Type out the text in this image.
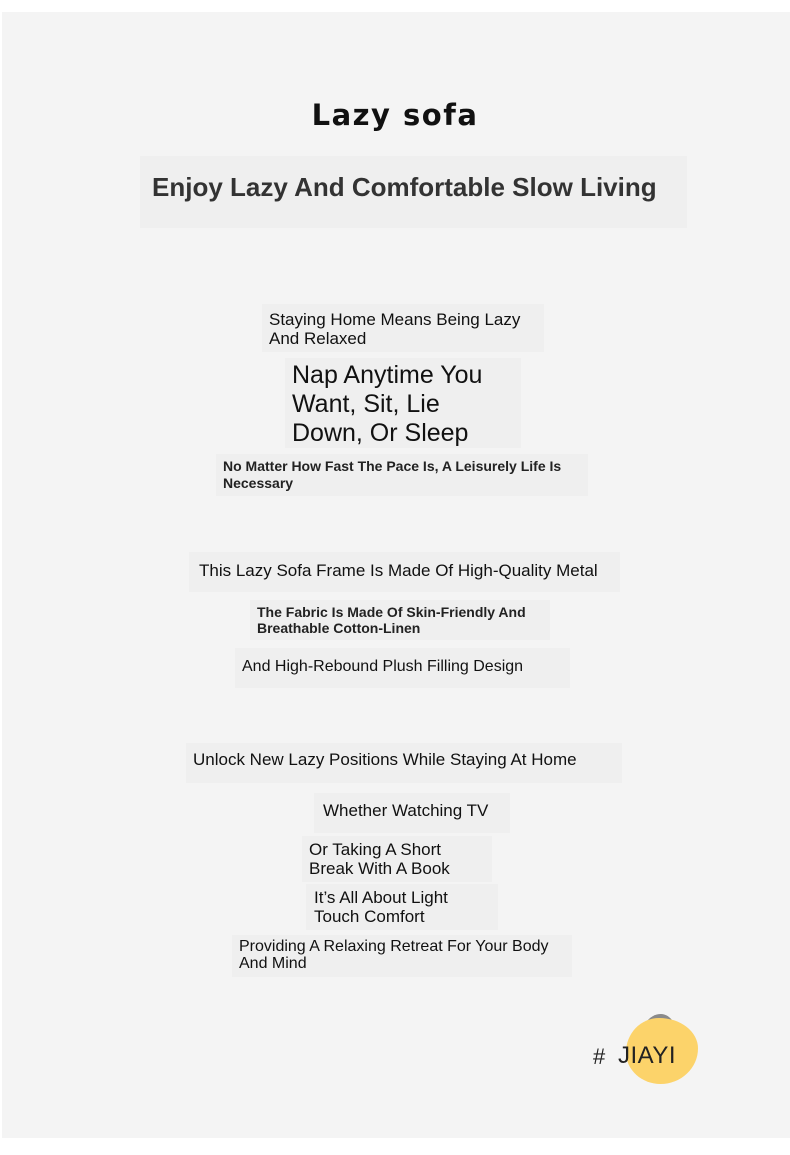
Lazy sofa
Enjoy Lazy And Comfortable Slow Living

Staying Home Means Being Lazy
And Relaxed

Nap Anytime You
Want, Sit, Lie
Down, Or Sleep

No Matter How Fast The Pace Is, A Leisurely Life Is
Necessary

This Lazy Sofa Frame Is Made Of High-Quality Metal

The Fabric Is Made Of Skin-Friendly And
Breathable Cotton-Linen

And High-Rebound Plush Filling Design

Unlock New Lazy Positions While Staying At Home

Whether Watching TV

Or Taking A Short
Break With A Book

It’s All About Light
Touch Comfort

Providing A Relaxing Retreat For Your Body
And Mind

# JIAYI
